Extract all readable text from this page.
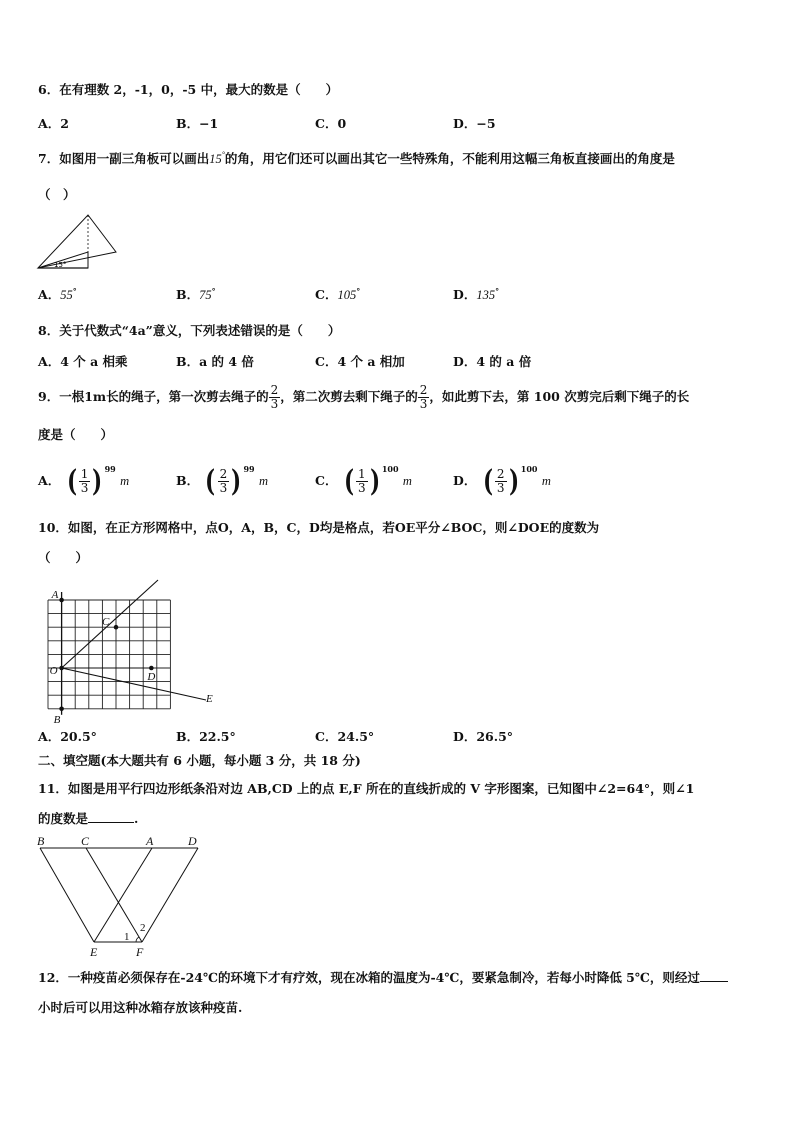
6．在有理数 2，-1，0，-5 中，最大的数是（　　）
A．2	B．−1	C．0	D．−5
7．如图用一副三角板可以画出15°的角，用它们还可以画出其它一些特殊角，不能利用这幅三角板直接画出的角度是
（　）
15°
A．55°	B．75°	C．105°	D．135°
8．关于代数式“4a”意义，下列表述错误的是（　　）
A．4 个 a 相乘	B．a 的 4 倍	C．4 个 a 相加	D．4 的 a 倍
9．一根1m长的绳子，第一次剪去绳子的 $\frac{2}{3}$ ，第二次剪去剩下绳子的 $\frac{2}{3}$ ，如此剪下去，第 100 次剪完后剩下绳子的长
度是（　　）
A． ( $\frac{1}{3}$ ) $^{99}$ m	B． ( $\frac{2}{3}$ ) $^{99}$ m	C． ( $\frac{1}{3}$ ) $^{100}$ m	D． ( $\frac{2}{3}$ ) $^{100}$ m
10．如图，在正方形网格中，点O，A，B，C，D均是格点，若OE平分∠BOC，则∠DOE的度数为
（　　）
A
B
C
D
O
E
A．20.5°	B．22.5°	C．24.5°	D．26.5°
二、填空题(本大题共有 6 小题，每小题 3 分，共 18 分)
11．如图是用平行四边形纸条沿对边 AB,CD 上的点 E,F 所在的直线折成的 V 字形图案，已知图中∠2=64°，则∠1
的度数是	.
B	C	A	D
E	F
1
2
12．一种疫苗必须保存在-24℃的环境下才有疗效，现在冰箱的温度为-4℃，要紧急制冷，若每小时降低 5℃，则经过
小时后可以用这种冰箱存放该种疫苗.
